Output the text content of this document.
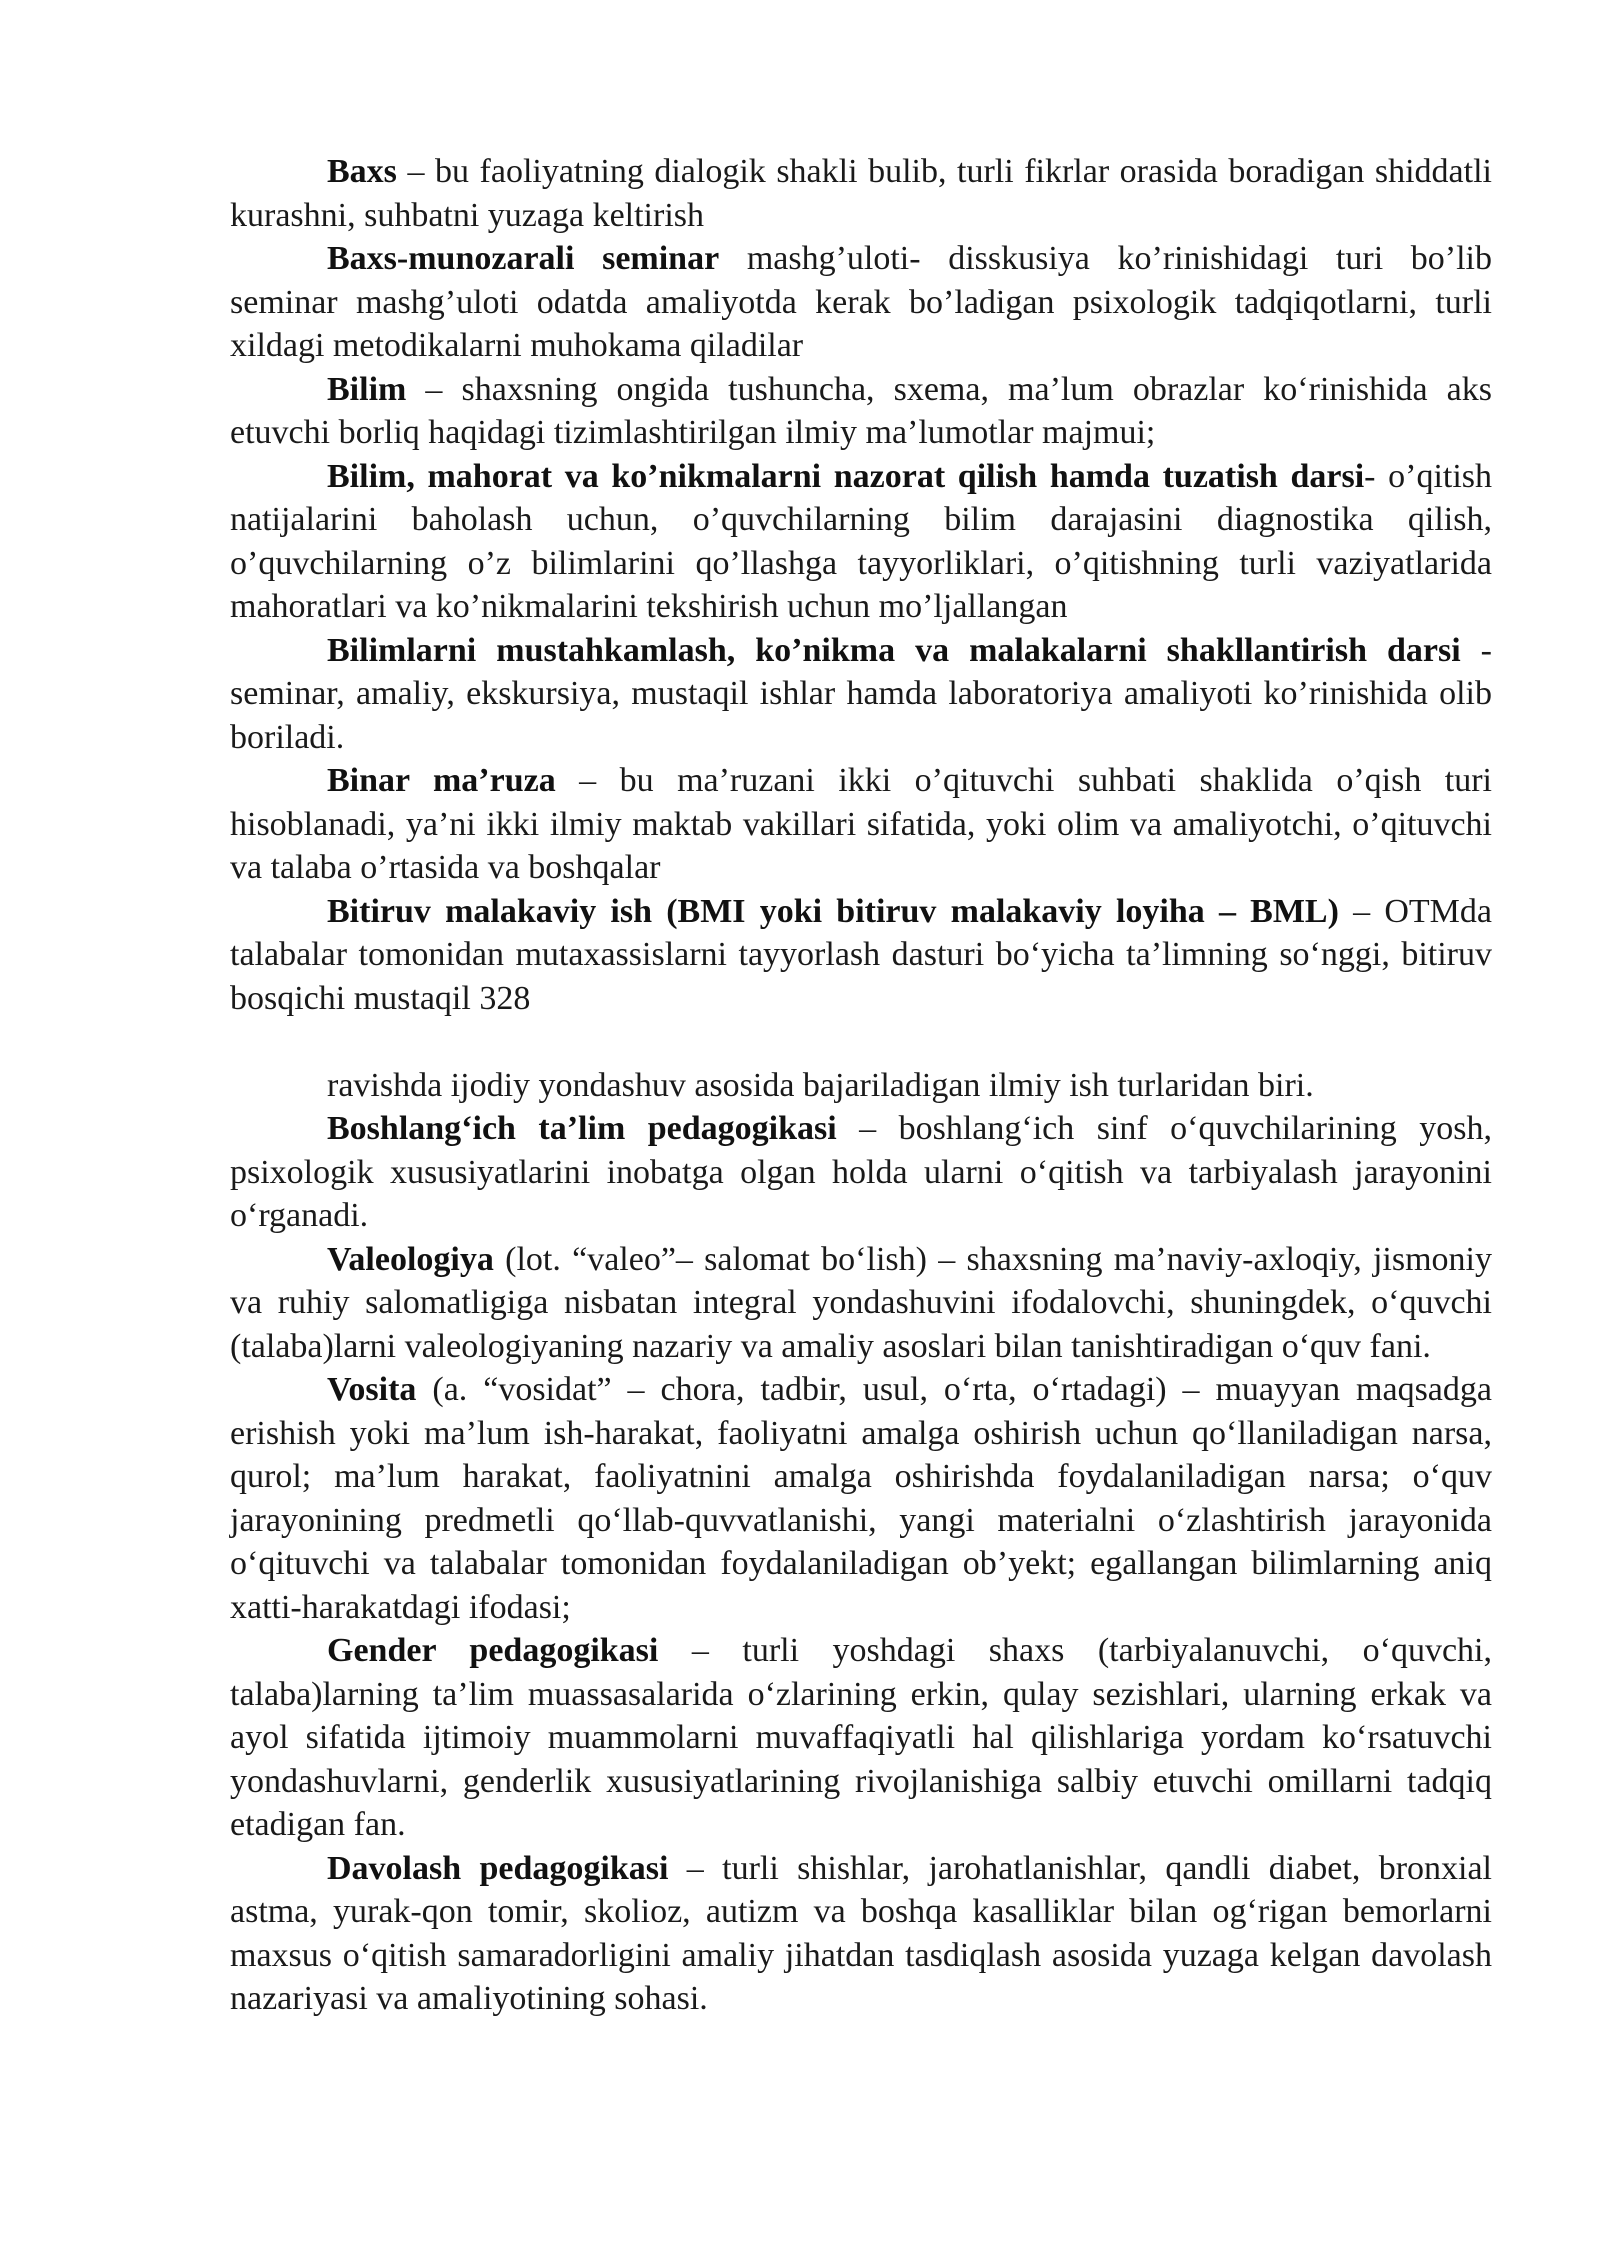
Baxs – bu faoliyatning dialogik shakli bulib, turli fikrlar orasida boradigan shiddatli kurashni, suhbatni yuzaga keltirish

Baxs-munozarali seminar mashg’uloti- disskusiya ko’rinishidagi turi bo’lib seminar mashg’uloti odatda amaliyotda kerak bo’ladigan psixologik tadqiqotlarni, turli xildagi metodikalarni muhokama qiladilar

Bilim – shaxsning ongida tushuncha, sxema, ma’lum obrazlar ko‘rinishida aks etuvchi borliq haqidagi tizimlashtirilgan ilmiy ma’lumotlar majmui;

Bilim, mahorat va ko’nikmalarni nazorat qilish hamda tuzatish darsi- o’qitish natijalarini baholash uchun, o’quvchilarning bilim darajasini diagnostika qilish, o’quvchilarning o’z bilimlarini qo’llashga tayyorliklari, o’qitishning turli vaziyatlarida mahoratlari va ko’nikmalarini tekshirish uchun mo’ljallangan

Bilimlarni mustahkamlash, ko’nikma va malakalarni shakllantirish darsi - seminar, amaliy, ekskursiya, mustaqil ishlar hamda laboratoriya amaliyoti ko’rinishida olib boriladi.

Binar ma’ruza – bu ma’ruzani ikki o’qituvchi suhbati shaklida o’qish turi hisoblanadi, ya’ni ikki ilmiy maktab vakillari sifatida, yoki olim va amaliyotchi, o’qituvchi va talaba o’rtasida va boshqalar

Bitiruv malakaviy ish (BMI yoki bitiruv malakaviy loyiha – BML) – OTMda talabalar tomonidan mutaxassislarni tayyorlash dasturi bo‘yicha ta’limning so‘nggi, bitiruv bosqichi mustaqil 328

ravishda ijodiy yondashuv asosida bajariladigan ilmiy ish turlaridan biri.

Boshlang‘ich ta’lim pedagogikasi – boshlang‘ich sinf o‘quvchilarining yosh, psixologik xususiyatlarini inobatga olgan holda ularni o‘qitish va tarbiyalash jarayonini o‘rganadi.

Valeologiya (lot. “valeo”– salomat bo‘lish) – shaxsning ma’naviy-axloqiy, jismoniy va ruhiy salomatligiga nisbatan integral yondashuvini ifodalovchi, shuningdek, o‘quvchi (talaba)larni valeologiyaning nazariy va amaliy asoslari bilan tanishtiradigan o‘quv fani.

Vosita (a. “vosidat” – chora, tadbir, usul, o‘rta, o‘rtadagi) – muayyan maqsadga erishish yoki ma’lum ish-harakat, faoliyatni amalga oshirish uchun qo‘llaniladigan narsa, qurol; ma’lum harakat, faoliyatnini amalga oshirishda foydalaniladigan narsa; o‘quv jarayonining predmetli qo‘llab-quvvatlanishi, yangi materialni o‘zlashtirish jarayonida o‘qituvchi va talabalar tomonidan foydalaniladigan ob’yekt; egallangan bilimlarning aniq xatti-harakatdagi ifodasi;

Gender pedagogikasi – turli yoshdagi shaxs (tarbiyalanuvchi, o‘quvchi, talaba)larning ta’lim muassasalarida o‘zlarining erkin, qulay sezishlari, ularning erkak va ayol sifatida ijtimoiy muammolarni muvaffaqiyatli hal qilishlariga yordam ko‘rsatuvchi yondashuvlarni, genderlik xususiyatlarining rivojlanishiga salbiy etuvchi omillarni tadqiq etadigan fan.

Davolash pedagogikasi – turli shishlar, jarohatlanishlar, qandli diabet, bronxial astma, yurak-qon tomir, skolioz, autizm va boshqa kasalliklar bilan og‘rigan bemorlarni maxsus o‘qitish samaradorligini amaliy jihatdan tasdiqlash asosida yuzaga kelgan davolash nazariyasi va amaliyotining sohasi.
